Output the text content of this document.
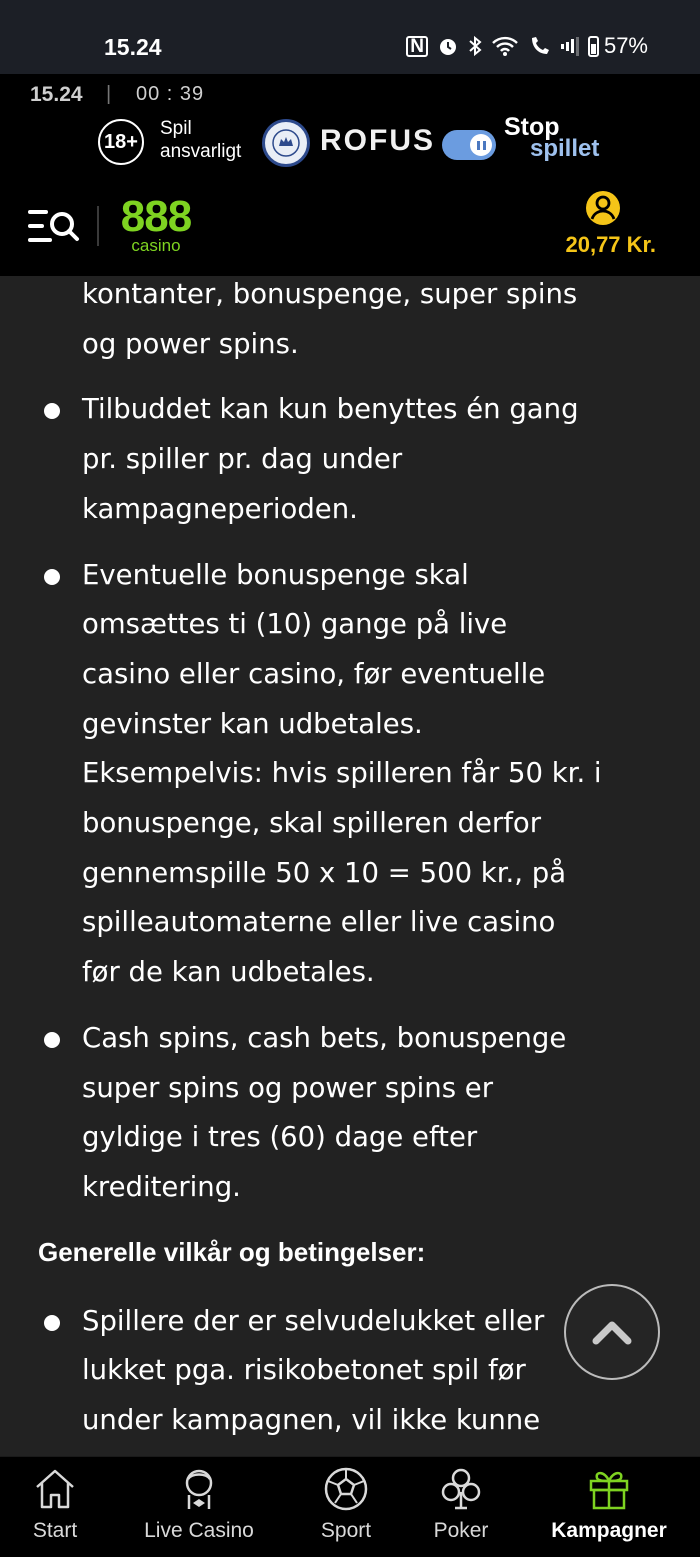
15.24	N	57%
15.24 | 00 : 39
18+
Spil
ansvarligt	ROFUS	Stop
spillet
888
casino	20,77 Kr.

kontanter, bonuspenge, super spins
og power spins.

Tilbuddet kan kun benyttes én gang
pr. spiller pr. dag under
kampagneperioden.

Eventuelle bonuspenge skal
omsættes ti (10) gange på live
casino eller casino, før eventuelle
gevinster kan udbetales.
Eksempelvis: hvis spilleren får 50 kr. i
bonuspenge, skal spilleren derfor
gennemspille 50 x 10 = 500 kr., på
spilleautomaterne eller live casino
før de kan udbetales.

Cash spins, cash bets, bonuspenge
super spins og power spins er
gyldige i tres (60) dage efter
kreditering.

Generelle vilkår og betingelser:

Spillere der er selvudelukket eller
lukket pga. risikobetonet spil før
under kampagnen, vil ikke kunne

Start	Live Casino	Sport	Poker	Kampagner
